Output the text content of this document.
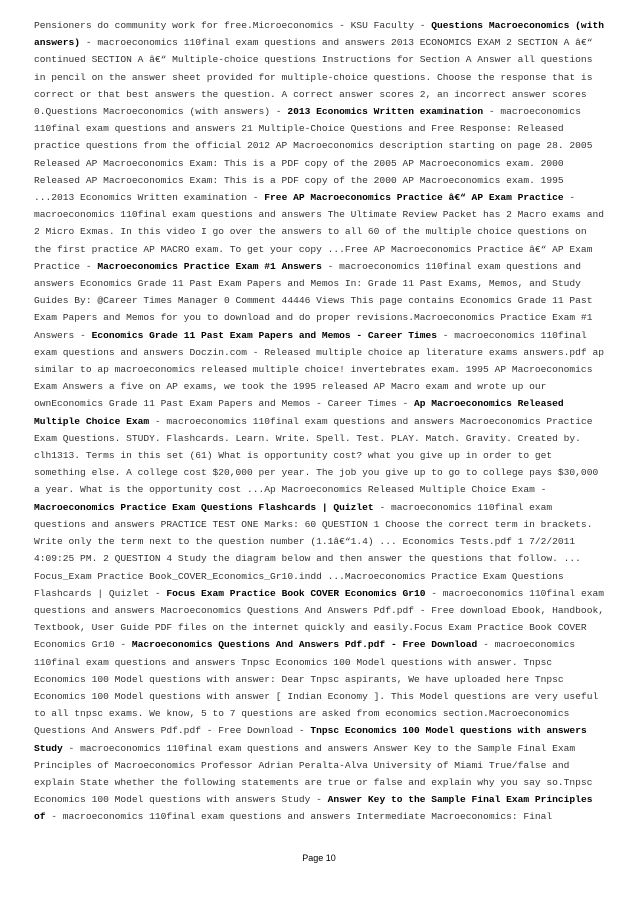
Pensioners do community work for free.Microeconomics - KSU Faculty - Questions Macroeconomics (with answers) - macroeconomics 110final exam questions and answers 2013 ECONOMICS EXAM 2 SECTION A â€“ continued SECTION A â€“ Multiple-choice questions Instructions for Section A Answer all questions in pencil on the answer sheet provided for multiple-choice questions. Choose the response that is correct or that best answers the question. A correct answer scores 2, an incorrect answer scores 0.Questions Macroeconomics (with answers) - 2013 Economics Written examination - macroeconomics 110final exam questions and answers 21 Multiple-Choice Questions and Free Response: Released practice questions from the official 2012 AP Macroeconomics description starting on page 28. 2005 Released AP Macroeconomics Exam: This is a PDF copy of the 2005 AP Macroeconomics exam. 2000 Released AP Macroeconomics Exam: This is a PDF copy of the 2000 AP Macroeconomics exam. 1995 ...2013 Economics Written examination - Free AP Macroeconomics Practice â€“ AP Exam Practice - macroeconomics 110final exam questions and answers The Ultimate Review Packet has 2 Macro exams and 2 Micro Exmas. In this video I go over the answers to all 60 of the multiple choice questions on the first practice AP MACRO exam. To get your copy ...Free AP Macroeconomics Practice â€“ AP Exam Practice - Macroeconomics Practice Exam #1 Answers - macroeconomics 110final exam questions and answers Economics Grade 11 Past Exam Papers and Memos In: Grade 11 Past Exams, Memos, and Study Guides By: @Career Times Manager 0 Comment 44446 Views This page contains Economics Grade 11 Past Exam Papers and Memos for you to download and do proper revisions.Macroeconomics Practice Exam #1 Answers - Economics Grade 11 Past Exam Papers and Memos - Career Times - macroeconomics 110final exam questions and answers Doczin.com - Released multiple choice ap literature exams answers.pdf ap similar to ap macroeconomics released multiple choice! invertebrates exam. 1995 AP Macroeconomics Exam Answers a five on AP exams, we took the 1995 released AP Macro exam and wrote up our ownEconomics Grade 11 Past Exam Papers and Memos - Career Times - Ap Macroeconomics Released Multiple Choice Exam - macroeconomics 110final exam questions and answers Macroeconomics Practice Exam Questions. STUDY. Flashcards. Learn. Write. Spell. Test. PLAY. Match. Gravity. Created by. clh1313. Terms in this set (61) What is opportunity cost? what you give up in order to get something else. A college cost $20,000 per year. The job you give up to go to college pays $30,000 a year. What is the opportunity cost ...Ap Macroeconomics Released Multiple Choice Exam - Macroeconomics Practice Exam Questions Flashcards | Quizlet - macroeconomics 110final exam questions and answers PRACTICE TEST ONE Marks: 60 QUESTION 1 Choose the correct term in brackets. Write only the term next to the question number (1.1â€“1.4) ... Economics Tests.pdf 1 7/2/2011 4:09:25 PM. 2 QUESTION 4 Study the diagram below and then answer the questions that follow. ... Focus_Exam Practice Book_COVER_Economics_Gr10.indd ...Macroeconomics Practice Exam Questions Flashcards | Quizlet - Focus Exam Practice Book COVER Economics Gr10 - macroeconomics 110final exam questions and answers Macroeconomics Questions And Answers Pdf.pdf - Free download Ebook, Handbook, Textbook, User Guide PDF files on the internet quickly and easily.Focus Exam Practice Book COVER Economics Gr10 - Macroeconomics Questions And Answers Pdf.pdf - Free Download - macroeconomics 110final exam questions and answers Tnpsc Economics 100 Model questions with answer. Tnpsc Economics 100 Model questions with answer: Dear Tnpsc aspirants, We have uploaded here Tnpsc Economics 100 Model questions with answer [ Indian Economy ]. This Model questions are very useful to all tnpsc exams. We know, 5 to 7 questions are asked from economics section.Macroeconomics Questions And Answers Pdf.pdf - Free Download - Tnpsc Economics 100 Model questions with answers Study - macroeconomics 110final exam questions and answers Answer Key to the Sample Final Exam Principles of Macroeconomics Professor Adrian Peralta-Alva University of Miami True/false and explain State whether the following statements are true or false and explain why you say so.Tnpsc Economics 100 Model questions with answers Study - Answer Key to the Sample Final Exam Principles of - macroeconomics 110final exam questions and answers Intermediate Macroeconomics: Final
Page 10
